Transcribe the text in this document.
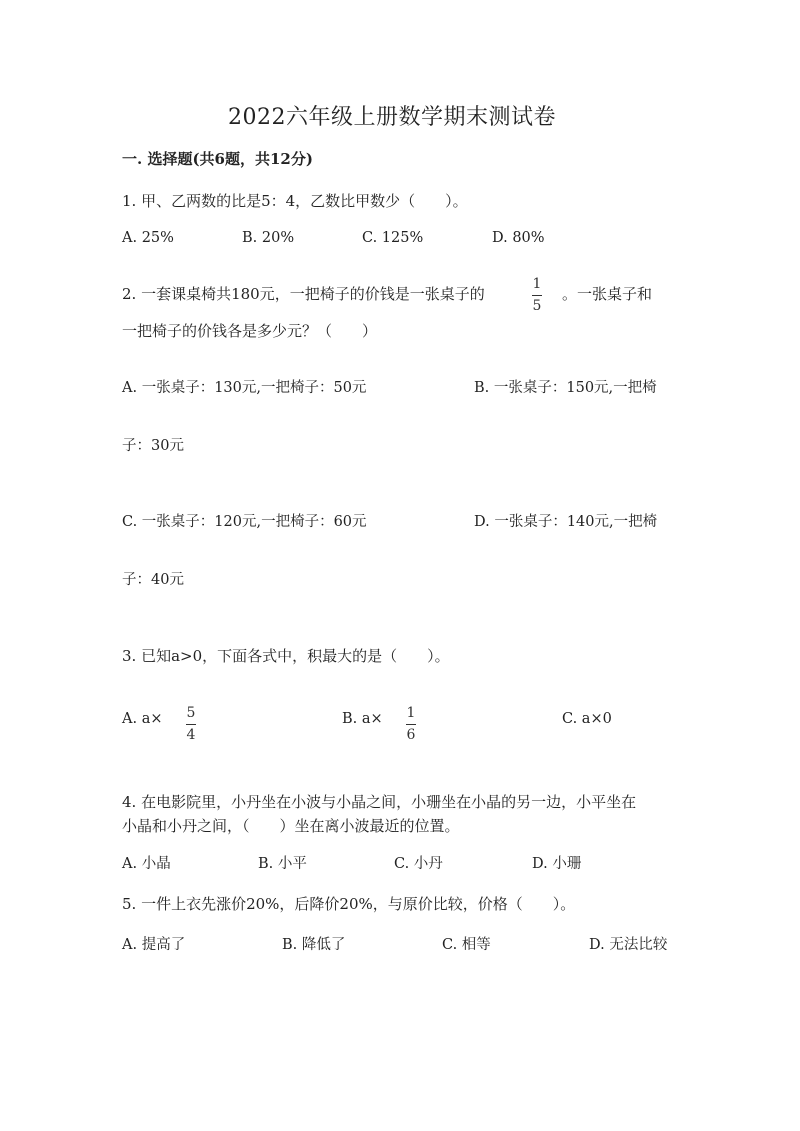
2022六年级上册数学期末测试卷
一. 选择题(共6题，共12分)
1. 甲、乙两数的比是5：4，乙数比甲数少（　　）。
A. 25%	B. 20%	C. 125%	D. 80%
2. 一套课桌椅共180元，一把椅子的价钱是一张桌子的
1
5
。一张桌子和
一把椅子的价钱各是多少元？（　　）
A. 一张桌子：130元,一把椅子：50元	B. 一张桌子：150元,一把椅
子：30元
C. 一张桌子：120元,一把椅子：60元	D. 一张桌子：140元,一把椅
子：40元
3. 已知a>0，下面各式中，积最大的是（　　）。
A. a× 5
4
B. a× 1
6
C. a×0
4. 在电影院里，小丹坐在小波与小晶之间，小珊坐在小晶的另一边，小平坐在
小晶和小丹之间，（　　）坐在离小波最近的位置。
A. 小晶	B. 小平	C. 小丹	D. 小珊
5. 一件上衣先涨价20%，后降价20%，与原价比较，价格（　　）。
A. 提高了	B. 降低了	C. 相等	D. 无法比较
